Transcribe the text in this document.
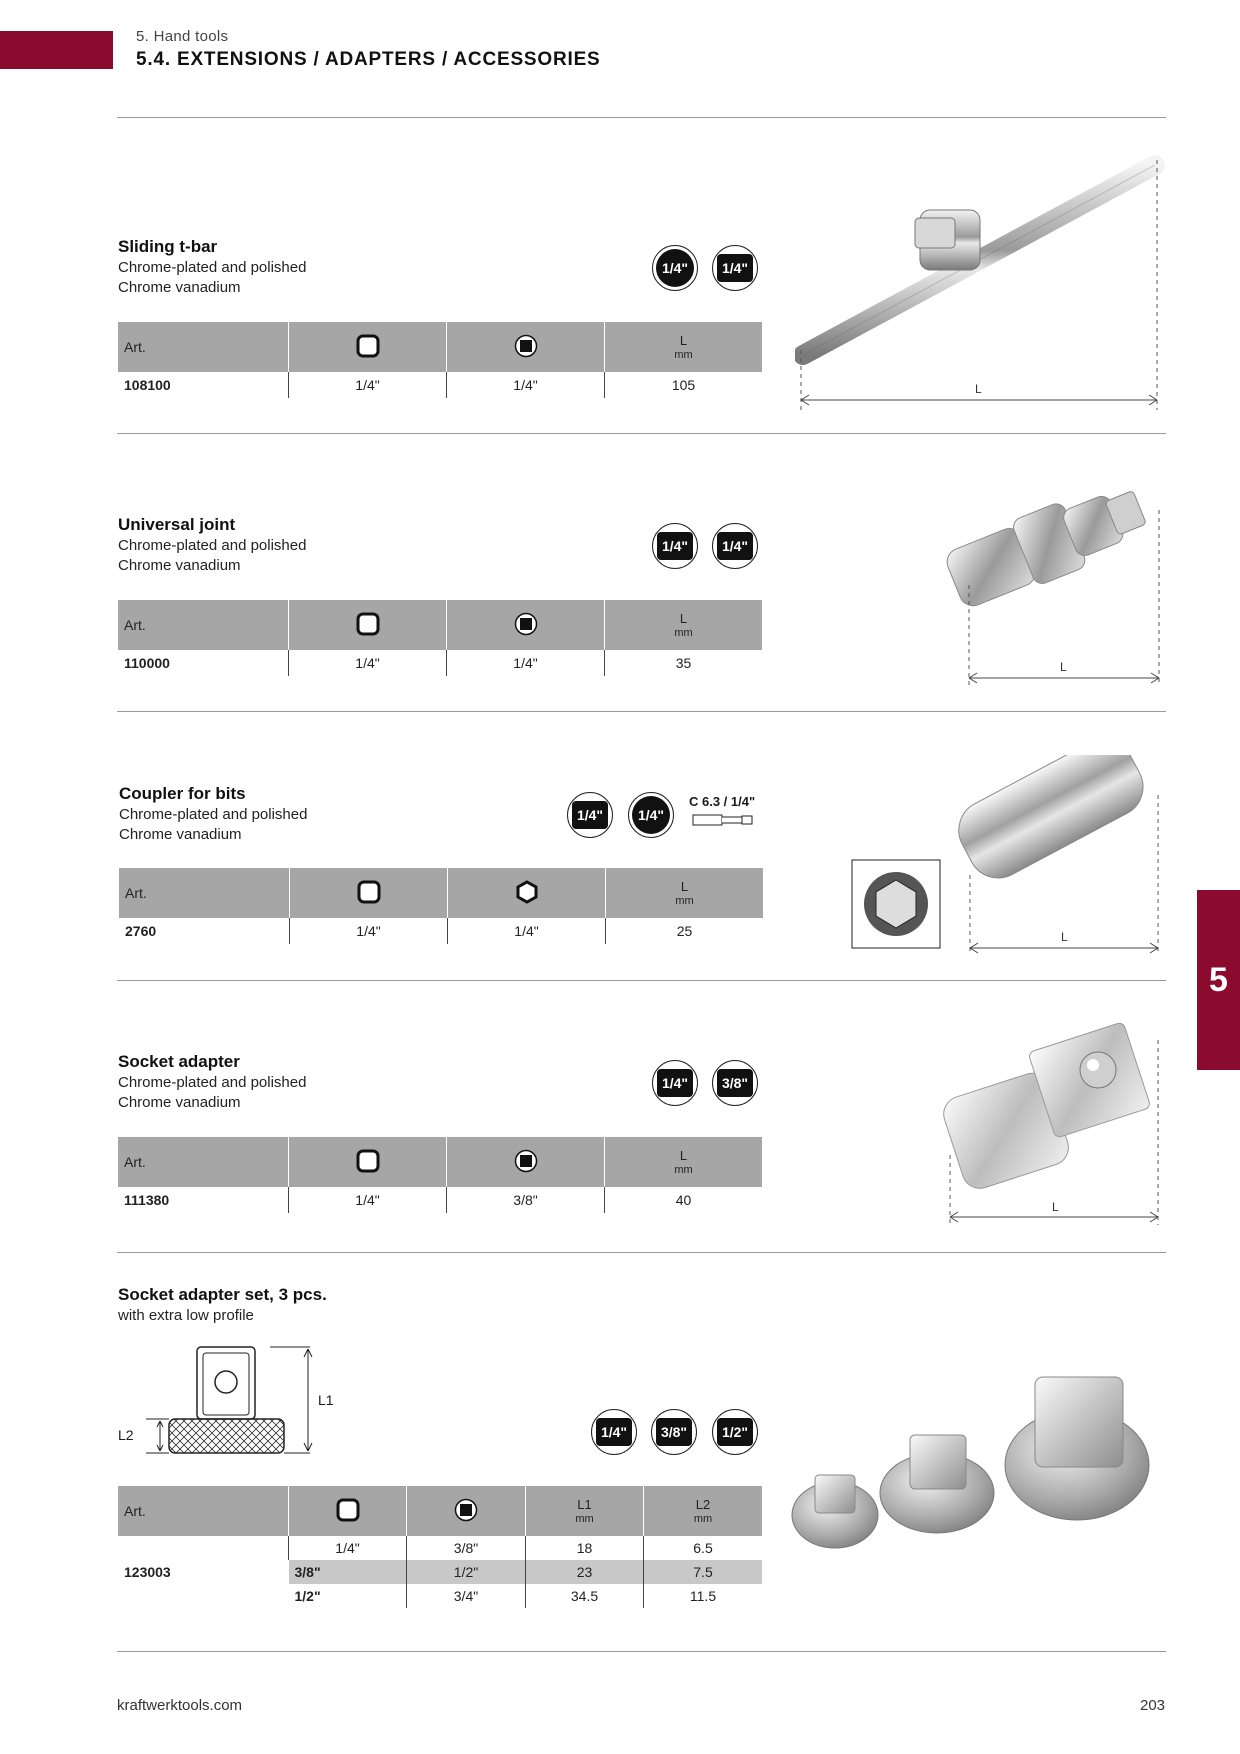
5. Hand tools
5.4. EXTENSIONS / ADAPTERS / ACCESSORIES
Sliding t-bar
Chrome-plated and polished
Chrome vanadium
1/4"	1/4"
Art.			L
mm

108100	1/4"	1/4"	105	L
Universal joint
Chrome-plated and polished
Chrome vanadium
1/4"	1/4"
Art.			L
mm

110000	1/4"	1/4"	35	L
Coupler for bits
Chrome-plated and polished
Chrome vanadium
1/4"	1/4"
C 6.3 / 1/4"
Art.			L
mm

2760	1/4"	1/4"	25	L
Socket adapter
Chrome-plated and polished
Chrome vanadium
1/4"	3/8"
Art.			L
mm

111380	1/4"	3/8"	40	L
Socket adapter set, 3 pcs.
with extra low profile
L1
L2	1/4"	3/8"	1/2"
Art.			L1
mm	L2
mm

123003	1/4"	3/8"	18	6.5
	3/8"	1/2"	23	7.5
	1/2"	3/4"	34.5	11.5
5
kraftwerktools.com	203
